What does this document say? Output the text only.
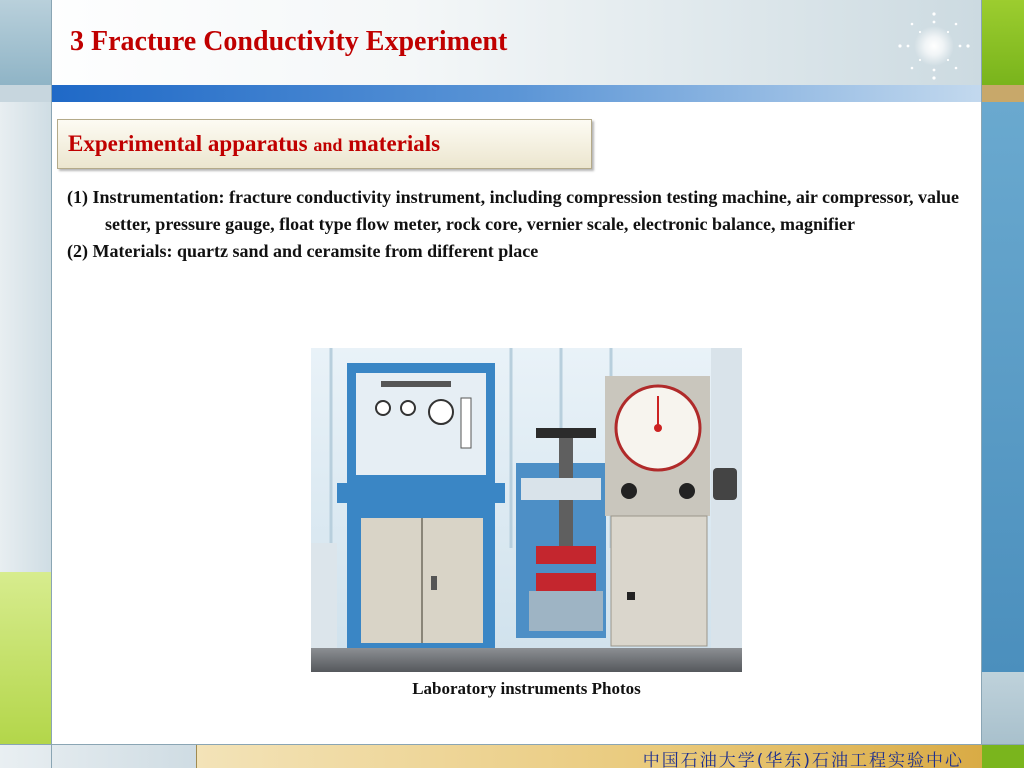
3 Fracture Conductivity Experiment
Experimental apparatus and materials

(1) Instrumentation: fracture conductivity instrument, including compression testing machine, air compressor, value setter, pressure gauge, float type flow meter, rock core, vernier scale, electronic balance, magnifier

(2) Materials: quartz sand and ceramsite from different place

Laboratory instruments Photos
中国石油大学(华东)石油工程实验中心
